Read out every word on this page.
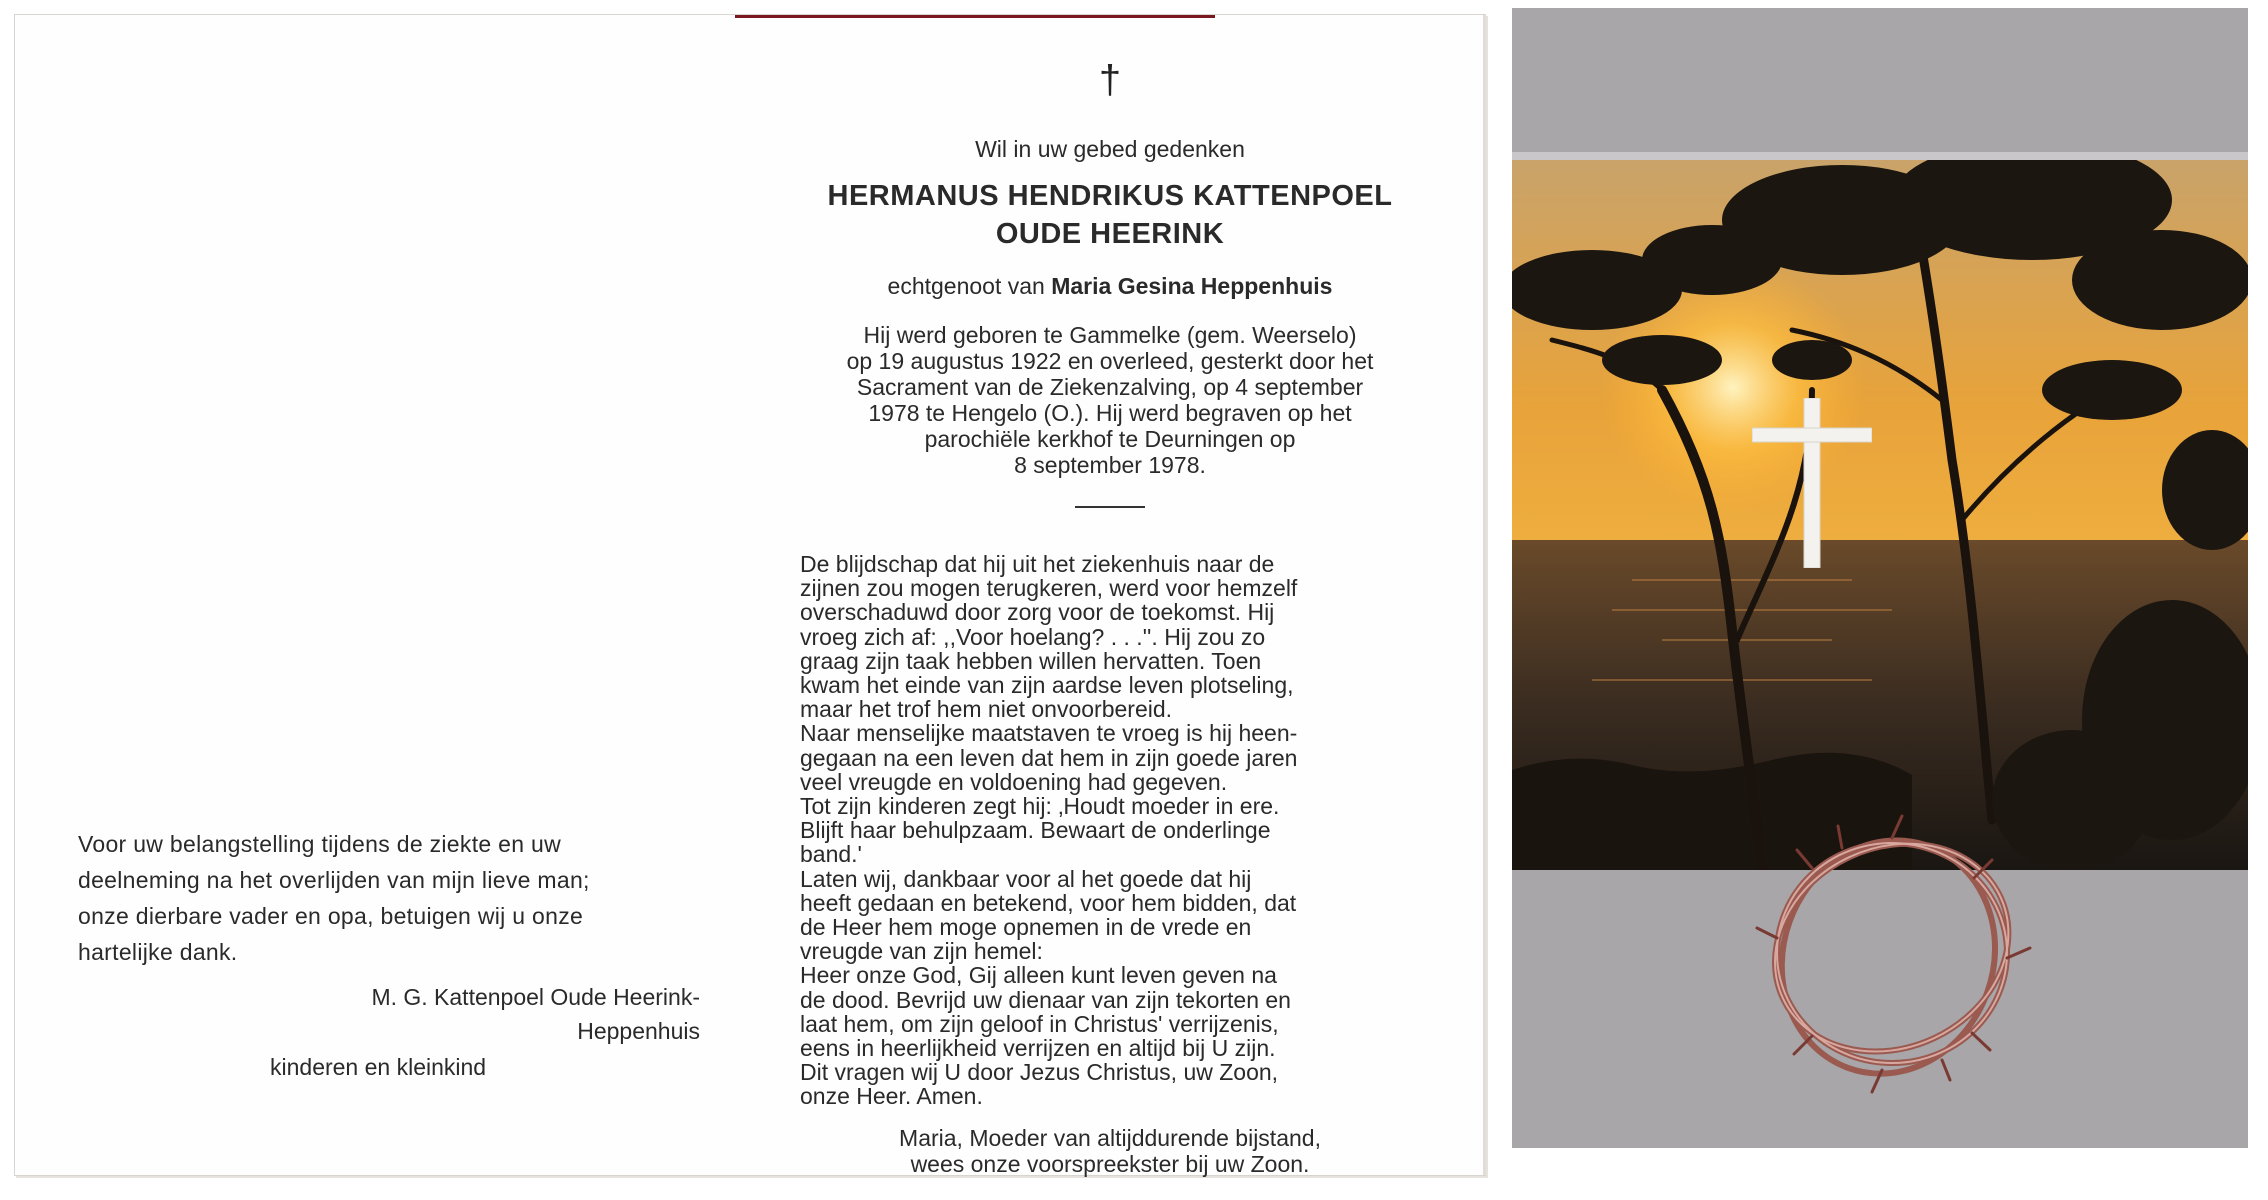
Voor uw belangstelling tijdens de ziekte en uw

deelneming na het overlijden van mijn lieve man;

onze dierbare vader en opa, betuigen wij u onze

hartelijke dank.

M. G. Kattenpoel Oude Heerink-
Heppenhuis
kinderen en kleinkind
†
Wil in uw gebed gedenken
HERMANUS HENDRIKUS KATTENPOEL
OUDE HEERINK
echtgenoot van Maria Gesina Heppenhuis
Hij werd geboren te Gammelke (gem. Weerselo)
op 19 augustus 1922 en overleed, gesterkt door het
Sacrament van de Ziekenzalving, op 4 september
1978 te Hengelo (O.). Hij werd begraven op het
parochiële kerkhof te Deurningen op
8 september 1978.
De blijdschap dat hij uit het ziekenhuis naar de
zijnen zou mogen terugkeren, werd voor hemzelf
overschaduwd door zorg voor de toekomst. Hij
vroeg zich af: ,,Voor hoelang? . . .''. Hij zou zo
graag zijn taak hebben willen hervatten. Toen
kwam het einde van zijn aardse leven plotseling,
maar het trof hem niet onvoorbereid.
Naar menselijke maatstaven te vroeg is hij heen-
gegaan na een leven dat hem in zijn goede jaren
veel vreugde en voldoening had gegeven.
Tot zijn kinderen zegt hij: ‚Houdt moeder in ere.
Blijft haar behulpzaam. Bewaart de onderlinge
band.'
Laten wij, dankbaar voor al het goede dat hij
heeft gedaan en betekend, voor hem bidden, dat
de Heer hem moge opnemen in de vrede en
vreugde van zijn hemel:
Heer onze God, Gij alleen kunt leven geven na
de dood. Bevrijd uw dienaar van zijn tekorten en
laat hem, om zijn geloof in Christus' verrijzenis,
eens in heerlijkheid verrijzen en altijd bij U zijn.
Dit vragen wij U door Jezus Christus, uw Zoon,
onze Heer. Amen.
Maria, Moeder van altijddurende bijstand,
wees onze voorspreekster bij uw Zoon.
